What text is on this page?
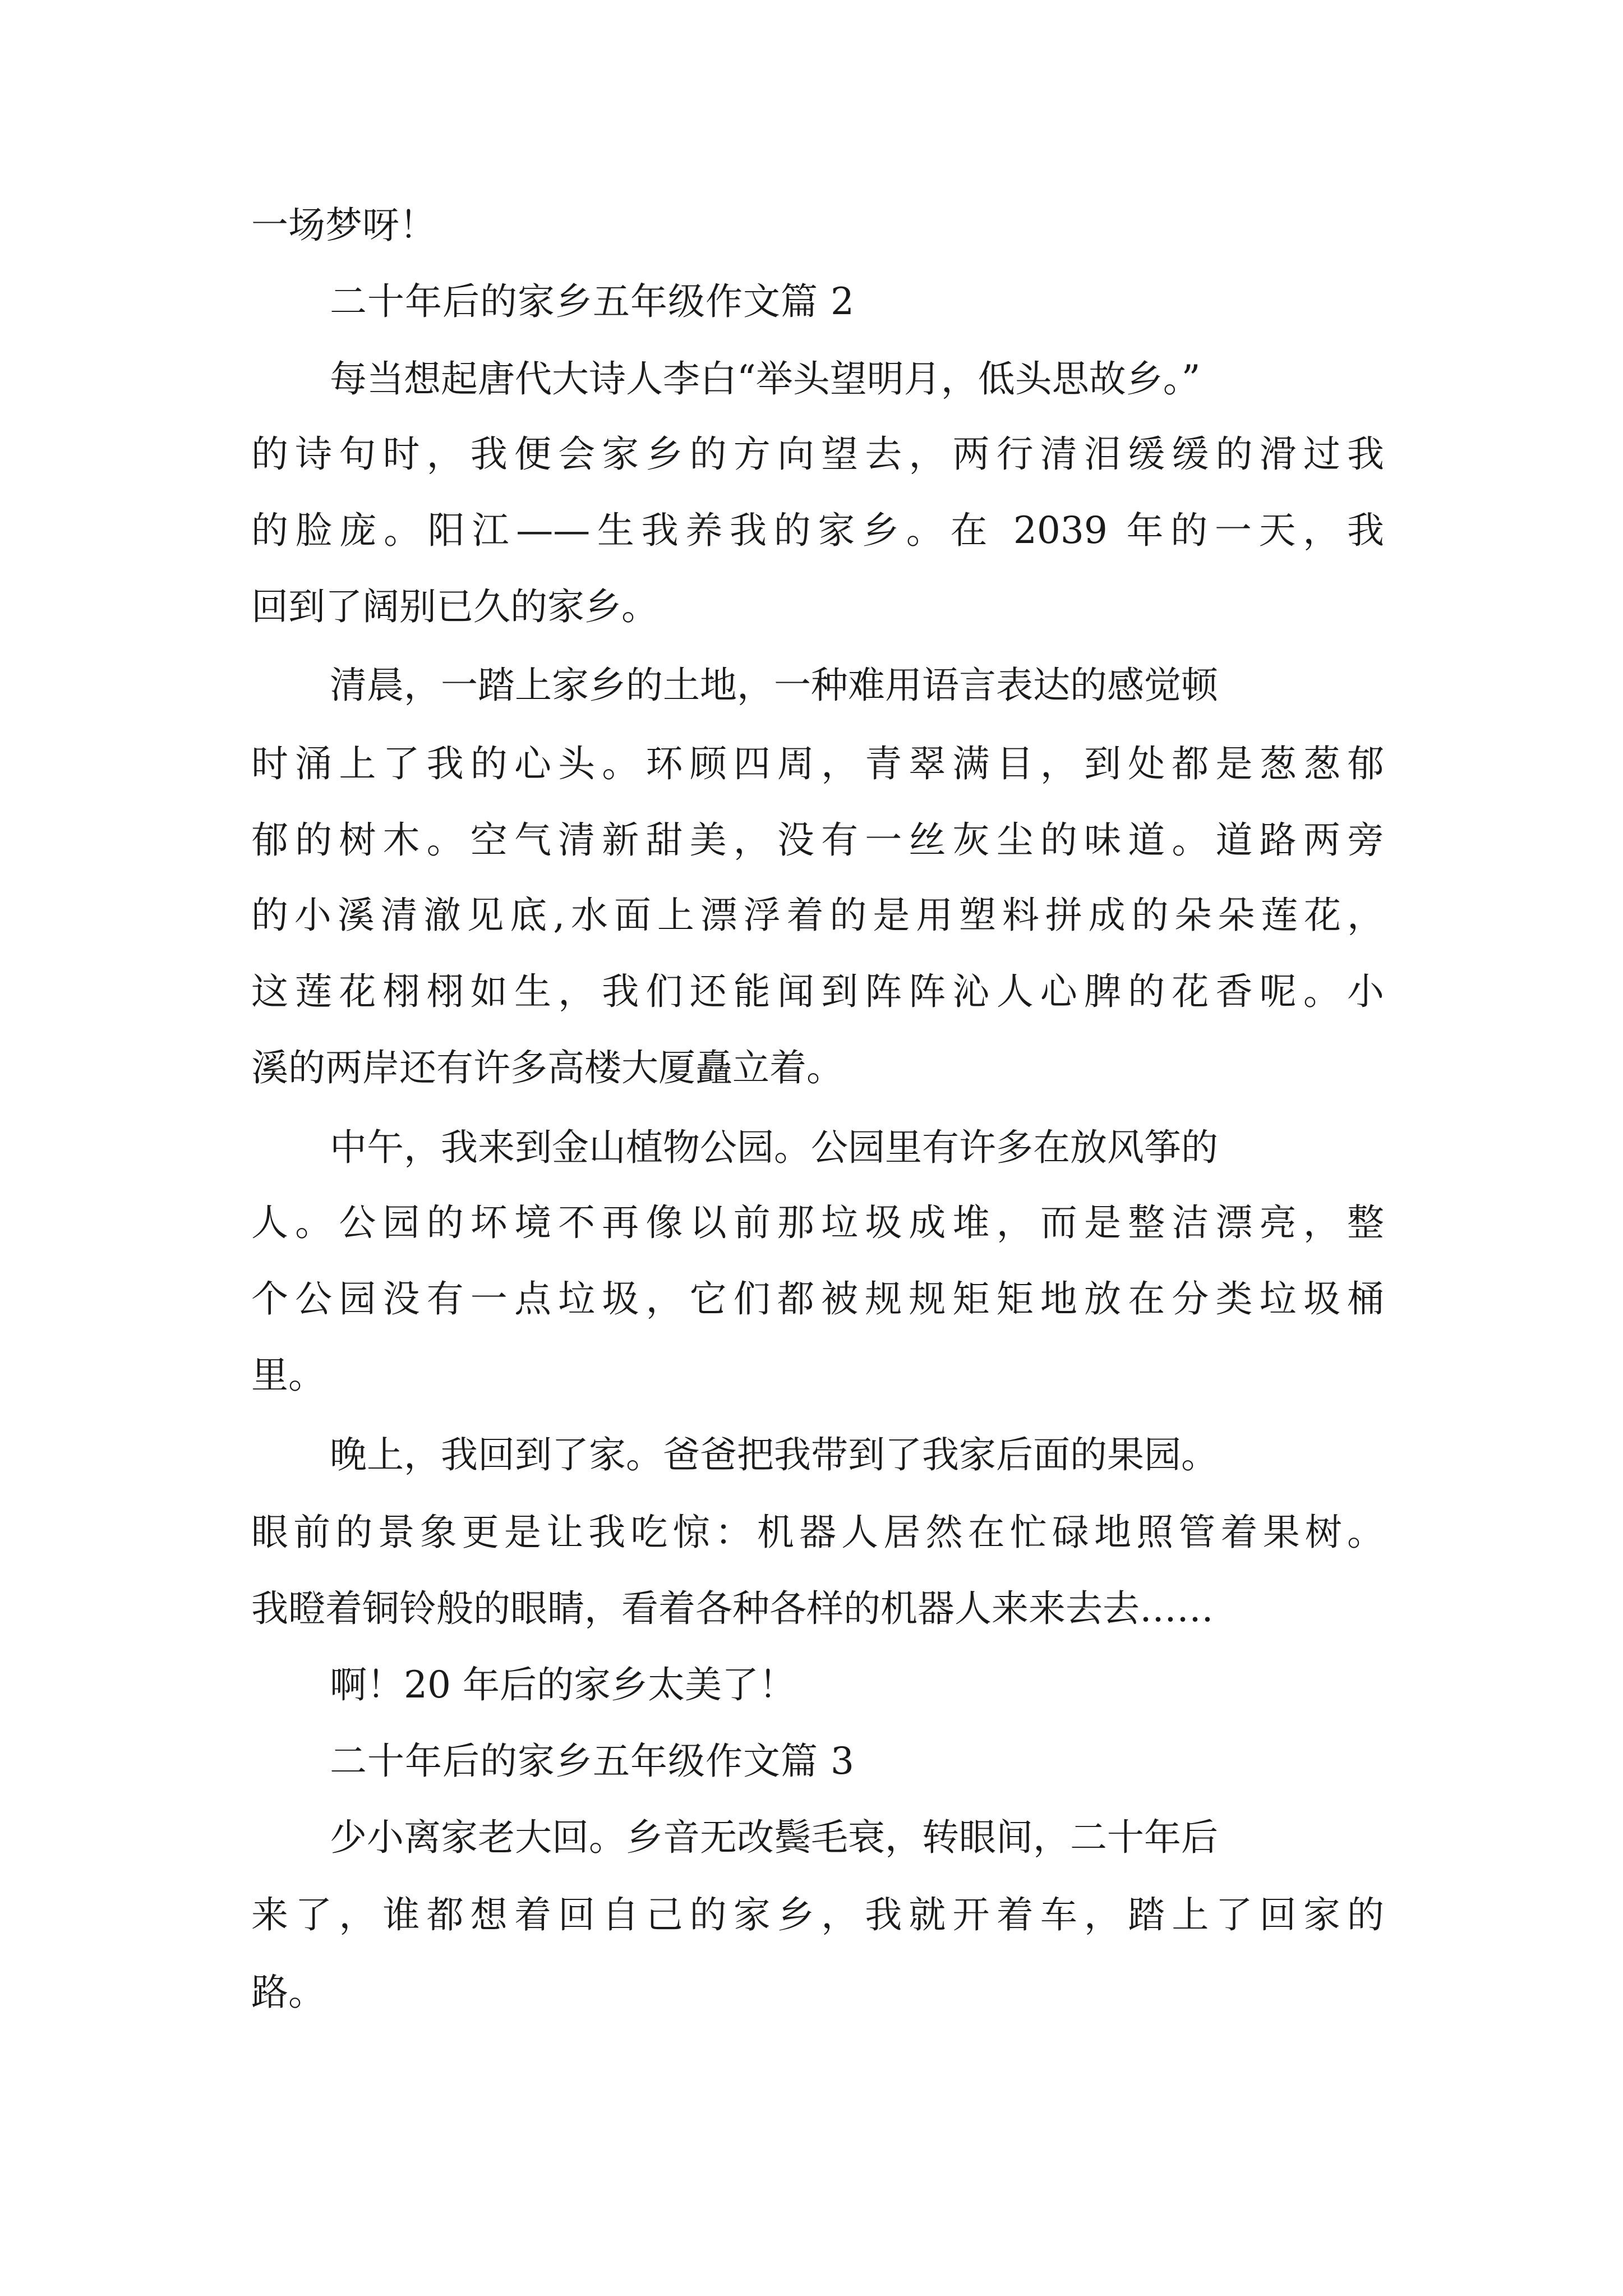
一场梦呀！

二十年后的家乡五年级作文篇 2

每当想起唐代大诗人李白“举头望明月，低头思故乡。”

的诗句时，我便会家乡的方向望去，两行清泪缓缓的滑过我

的脸庞。阳江——生我养我的家乡。在 2039 年的一天，我

回到了阔别已久的家乡。

清晨，一踏上家乡的土地，一种难用语言表达的感觉顿

时涌上了我的心头。环顾四周，青翠满目，到处都是葱葱郁

郁的树木。空气清新甜美，没有一丝灰尘的味道。道路两旁

的小溪清澈见底,水面上漂浮着的是用塑料拼成的朵朵莲花，

这莲花栩栩如生，我们还能闻到阵阵沁人心脾的花香呢。小

溪的两岸还有许多高楼大厦矗立着。

中午，我来到金山植物公园。公园里有许多在放风筝的

人。公园的坏境不再像以前那垃圾成堆，而是整洁漂亮，整

个公园没有一点垃圾，它们都被规规矩矩地放在分类垃圾桶

里。

晚上，我回到了家。爸爸把我带到了我家后面的果园。

眼前的景象更是让我吃惊：机器人居然在忙碌地照管着果树。

我瞪着铜铃般的眼睛，看着各种各样的机器人来来去去……

啊！20 年后的家乡太美了！

二十年后的家乡五年级作文篇 3

少小离家老大回。乡音无改鬓毛衰，转眼间，二十年后

来了，谁都想着回自己的家乡，我就开着车，踏上了回家的

路。
